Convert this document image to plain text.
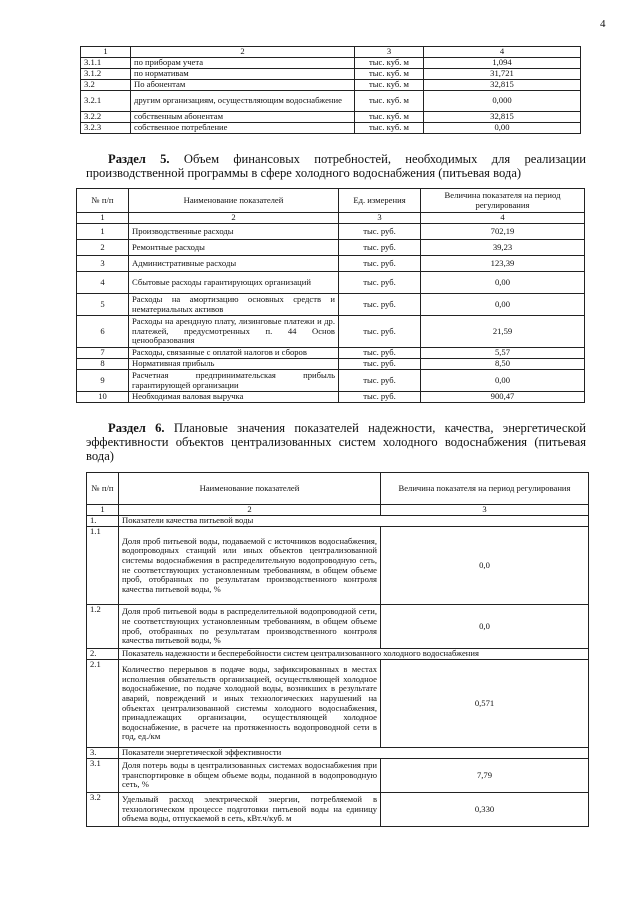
4
1	2	3	4
3.1.1	по приборам учета	тыс. куб. м	1,094
3.1.2	по нормативам	тыс. куб. м	31,721
3.2	По абонентам	тыс. куб. м	32,815
3.2.1	другим организациям, осуществляющим водоснабжение	тыс. куб. м	0,000
3.2.2	собственным абонентам	тыс. куб. м	32,815
3.2.3	собственное потребление	тыс. куб. м	0,00

Раздел 5. Объем финансовых потребностей, необходимых для реализации производственной программы в сфере холодного водоснабжения (питьевая вода)

№ п/п	Наименование показателей	Ед. измерения	Величина показателя на период регулирования
1	2	3	4
1	Производственные расходы	тыс. руб.	702,19
2	Ремонтные расходы	тыс. руб.	39,23
3	Административные расходы	тыс. руб.	123,39
4	Сбытовые расходы гарантирующих организаций	тыс. руб.	0,00
5	Расходы на амортизацию основных средств и нематериальных активов	тыс. руб.	0,00
6	Расходы на арендную плату, лизинговые платежи и др. платежей, предусмотренных п. 44 Основ ценообразования	тыс. руб.	21,59
7	Расходы, связанные с оплатой налогов и сборов	тыс. руб.	5,57
8	Нормативная прибыль	тыс. руб.	8,50
9	Расчетная предпринимательская прибыль гарантирующей организации	тыс. руб.	0,00
10	Необходимая валовая выручка	тыс. руб.	900,47

Раздел 6. Плановые значения показателей надежности, качества, энергетической эффективности объектов централизованных систем холодного водоснабжения (питьевая вода)

№ п/п	Наименование показателей	Величина показателя на период регулирования
1	2	3
1.	Показатели качества питьевой воды	
1.1	Доля проб питьевой воды, подаваемой с источников водоснабжения, водопроводных станций или иных объектов централизованной системы водоснабжения в распределительную водопроводную сеть, не соответствующих установленным требованиям, в общем объеме проб, отобранных по результатам производственного контроля качества питьевой воды, %	0,0
1.2	Доля проб питьевой воды в распределительной водопроводной сети, не соответствующих установленным требованиям, в общем объеме проб, отобранных по результатам производственного контроля качества питьевой воды, %	0,0
2.	Показатель надежности и бесперебойности систем централизованного холодного водоснабжения	
2.1	Количество перерывов в подаче воды, зафиксированных в местах исполнения обязательств организацией, осуществляющей холодное водоснабжение, по подаче холодной воды, возникших в результате аварий, повреждений и иных технологических нарушений на объектах централизованной системы холодного водоснабжения, принадлежащих организации, осуществляющей холодное водоснабжение, в расчете на протяженность водопроводной сети в год, ед./км	0,571
3.	Показатели энергетической эффективности	
3.1	Доля потерь воды в централизованных системах водоснабжения при транспортировке в общем объеме воды, поданной в водопроводную сеть, %	7,79
3.2	Удельный расход электрической энергии, потребляемой в технологическом процессе подготовки питьевой воды на единицу объема воды, отпускаемой в сеть, кВт.ч/куб. м	0,330
